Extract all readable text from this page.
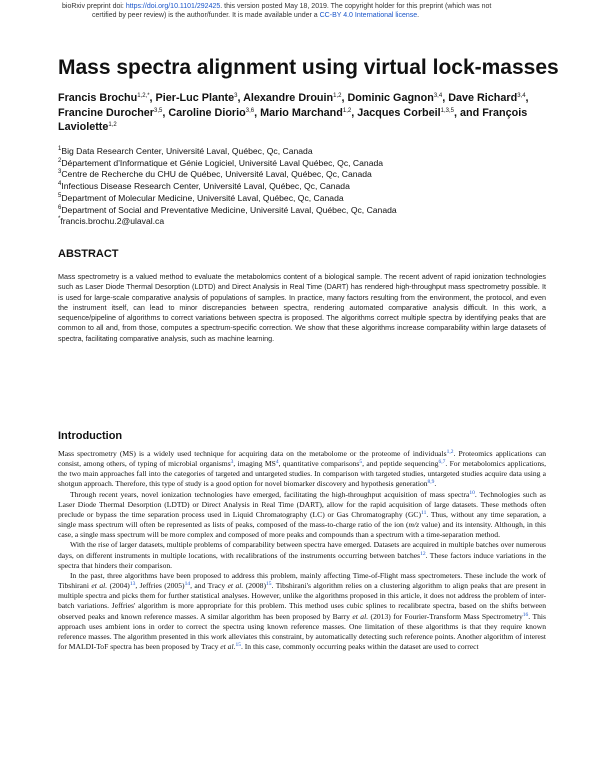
bioRxiv preprint doi: https://doi.org/10.1101/292425. this version posted May 18, 2019. The copyright holder for this preprint (which was not
certified by peer review) is the author/funder. It is made available under a CC-BY 4.0 International license.
Mass spectra alignment using virtual lock-masses
Francis Brochu$^{1,2,*}$, Pier-Luc Plante$^3$, Alexandre Drouin$^{1,2}$, Dominic Gagnon$^{3,4}$, Dave Richard$^{3,4}$, Francine Durocher$^{3,5}$, Caroline Diorio$^{3,6}$, Mario Marchand$^{1,2}$, Jacques Corbeil$^{1,3,5}$, and François Laviolette$^{1,2}$
$^1$Big Data Research Center, Université Laval, Québec, Qc, Canada
$^2$Département d'Informatique et Génie Logiciel, Université Laval Québec, Qc, Canada
$^3$Centre de Recherche du CHU de Québec, Université Laval, Québec, Qc, Canada
$^4$Infectious Disease Research Center, Université Laval, Québec, Qc, Canada
$^5$Department of Molecular Medicine, Université Laval, Québec, Qc, Canada
$^6$Department of Social and Preventative Medicine, Université Laval, Québec, Qc, Canada
*francis.brochu.2@ulaval.ca
ABSTRACT

Mass spectrometry is a valued method to evaluate the metabolomics content of a biological sample. The recent advent of rapid ionization technologies such as Laser Diode Thermal Desorption (LDTD) and Direct Analysis in Real Time (DART) has rendered high-throughput mass spectrometry possible. It is used for large-scale comparative analysis of populations of samples. In practice, many factors resulting from the environment, the protocol, and even the instrument itself, can lead to minor discrepancies between spectra, rendering automated comparative analysis difficult. In this work, a sequence/pipeline of algorithms to correct variations between spectra is proposed. The algorithms correct multiple spectra by identifying peaks that are common to all and, from those, computes a spectrum-specific correction. We show that these algorithms increase comparability within large datasets of spectra, facilitating comparative analysis, such as machine learning.

Introduction

Mass spectrometry (MS) is a widely used technique for acquiring data on the metabolome or the proteome of individuals$^{1,2}$. Proteomics applications can consist, among others, of typing of microbial organisms$^3$, imaging MS$^4$, quantitative comparisons$^5$, and peptide sequencing$^{6,7}$. For metabolomics applications, the two main approaches fall into the categories of targeted and untargeted studies. In comparison with targeted studies, untargeted studies acquire data using a shotgun approach. Therefore, this type of study is a good option for novel biomarker discovery and hypothesis generation$^{8,9}$.

Through recent years, novel ionization technologies have emerged, facilitating the high-throughput acquisition of mass spectra$^{10}$. Technologies such as Laser Diode Thermal Desorption (LDTD) or Direct Analysis in Real Time (DART), allow for the rapid acquisition of large datasets. These methods often preclude or bypass the time separation process used in Liquid Chromatography (LC) or Gas Chromatography (GC)$^{11}$. Thus, without any time separation, a single mass spectrum will often be represented as lists of peaks, composed of the mass-to-charge ratio of the ion (m/z value) and its intensity. Although, in this case, a single mass spectrum will be more complex and composed of more peaks and compounds than a spectrum with a time-separation method.

With the rise of larger datasets, multiple problems of comparability between spectra have emerged. Datasets are acquired in multiple batches over numerous days, on different instruments in multiple locations, with recalibrations of the instruments occurring between batches$^{12}$. These factors induce variations in the spectra that hinders their comparison.

In the past, three algorithms have been proposed to address this problem, mainly affecting Time-of-Flight mass spectrometers. These include the work of Tibshirani et al. (2004)$^{13}$, Jeffries (2005)$^{14}$, and Tracy et al. (2008)$^{15}$. Tibshirani's algorithm relies on a clustering algorithm to align peaks that are present in multiple spectra and picks them for further statistical analyses. However, unlike the algorithms proposed in this article, it does not address the problem of inter-batch variations. Jeffries' algorithm is more appropriate for this problem. This method uses cubic splines to recalibrate spectra, based on the shifts between observed peaks and known reference masses. A similar algorithm has been proposed by Barry et al. (2013) for Fourier-Transform Mass Spectrometry$^{16}$. This approach uses ambient ions in order to correct the spectra using known reference masses. One limitation of these algorithms is that they require known reference masses. The algorithm presented in this work alleviates this constraint, by automatically detecting such reference points. Another algorithm of interest for MALDI-ToF spectra has been proposed by Tracy et al.$^{15}$. In this case, commonly occurring peaks within the dataset are used to correct
